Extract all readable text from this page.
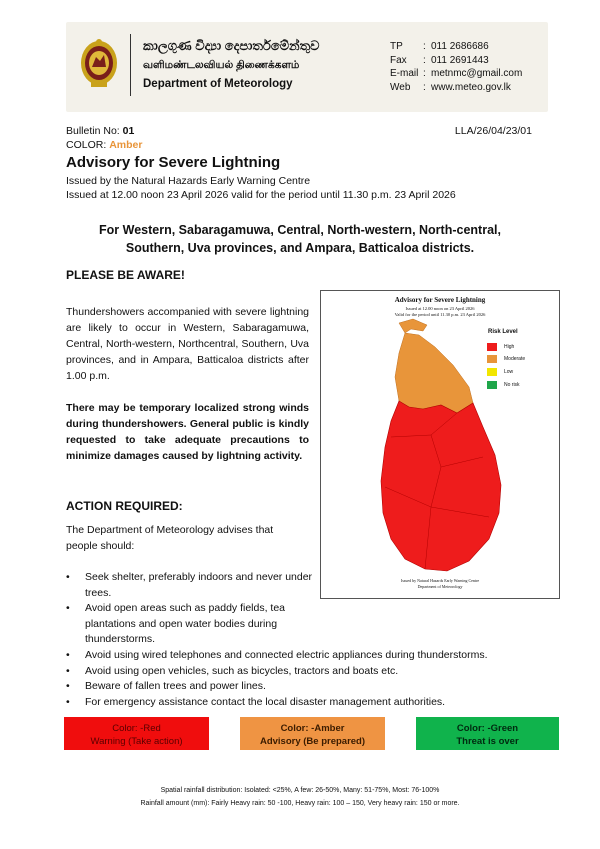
කාලගුණ විද්‍යා දෙපාර්තමේන්තුව
வளிமண்டலவியல் திணைக்களம்
Department of Meteorology
TP	: 011 2686686
Fax	: 011 2691443
E-mail : metnmc@gmail.com
Web	: www.meteo.gov.lk
Bulletin No: 01	LLA/26/04/23/01
COLOR: Amber
Advisory for Severe Lightning
Issued by the Natural Hazards Early Warning Centre
Issued at 12.00 noon 23 April 2026 valid for the period until 11.30 p.m. 23 April 2026
For Western, Sabaragamuwa, Central, North-western, North-central,
Southern, Uva provinces, and Ampara, Batticaloa districts.
PLEASE BE AWARE!
Thundershowers accompanied with severe lightning are likely to occur in Western, Sabaragamuwa, Central, North-western, Northcentral, Southern, Uva provinces, and in Ampara, Batticaloa districts after 1.00 p.m.
There may be temporary localized strong winds during thundershowers. General public is kindly requested to take adequate precautions to minimize damages caused by lightning activity.
ACTION REQUIRED:
The Department of Meteorology advises that people should:
• Seek shelter, preferably indoors and never under trees.
• Avoid open areas such as paddy fields, tea plantations and open water bodies during thunderstorms.
• Avoid using wired telephones and connected electric appliances during thunderstorms.
• Avoid using open vehicles, such as bicycles, tractors and boats etc.
• Beware of fallen trees and power lines.
• For emergency assistance contact the local disaster management authorities.
Advisory for Severe Lightning
Issued at 12.00 noon on 23 April 2026
Valid for the period until 11.30 p.m. 23 April 2026
Risk Level
High
Moderate
Low
No risk
Issued by Natural Hazards Early Warning Centre
Department of Meteorology
Color: -Red
Warning (Take action)
Color: -Amber
Advisory (Be prepared)
Color: -Green
Threat is over
Spatial rainfall distribution: Isolated: <25%, A few: 26-50%, Many: 51-75%, Most: 76-100%
Rainfall amount (mm): Fairly Heavy rain: 50 -100, Heavy rain: 100 – 150, Very heavy rain: 150 or more.
